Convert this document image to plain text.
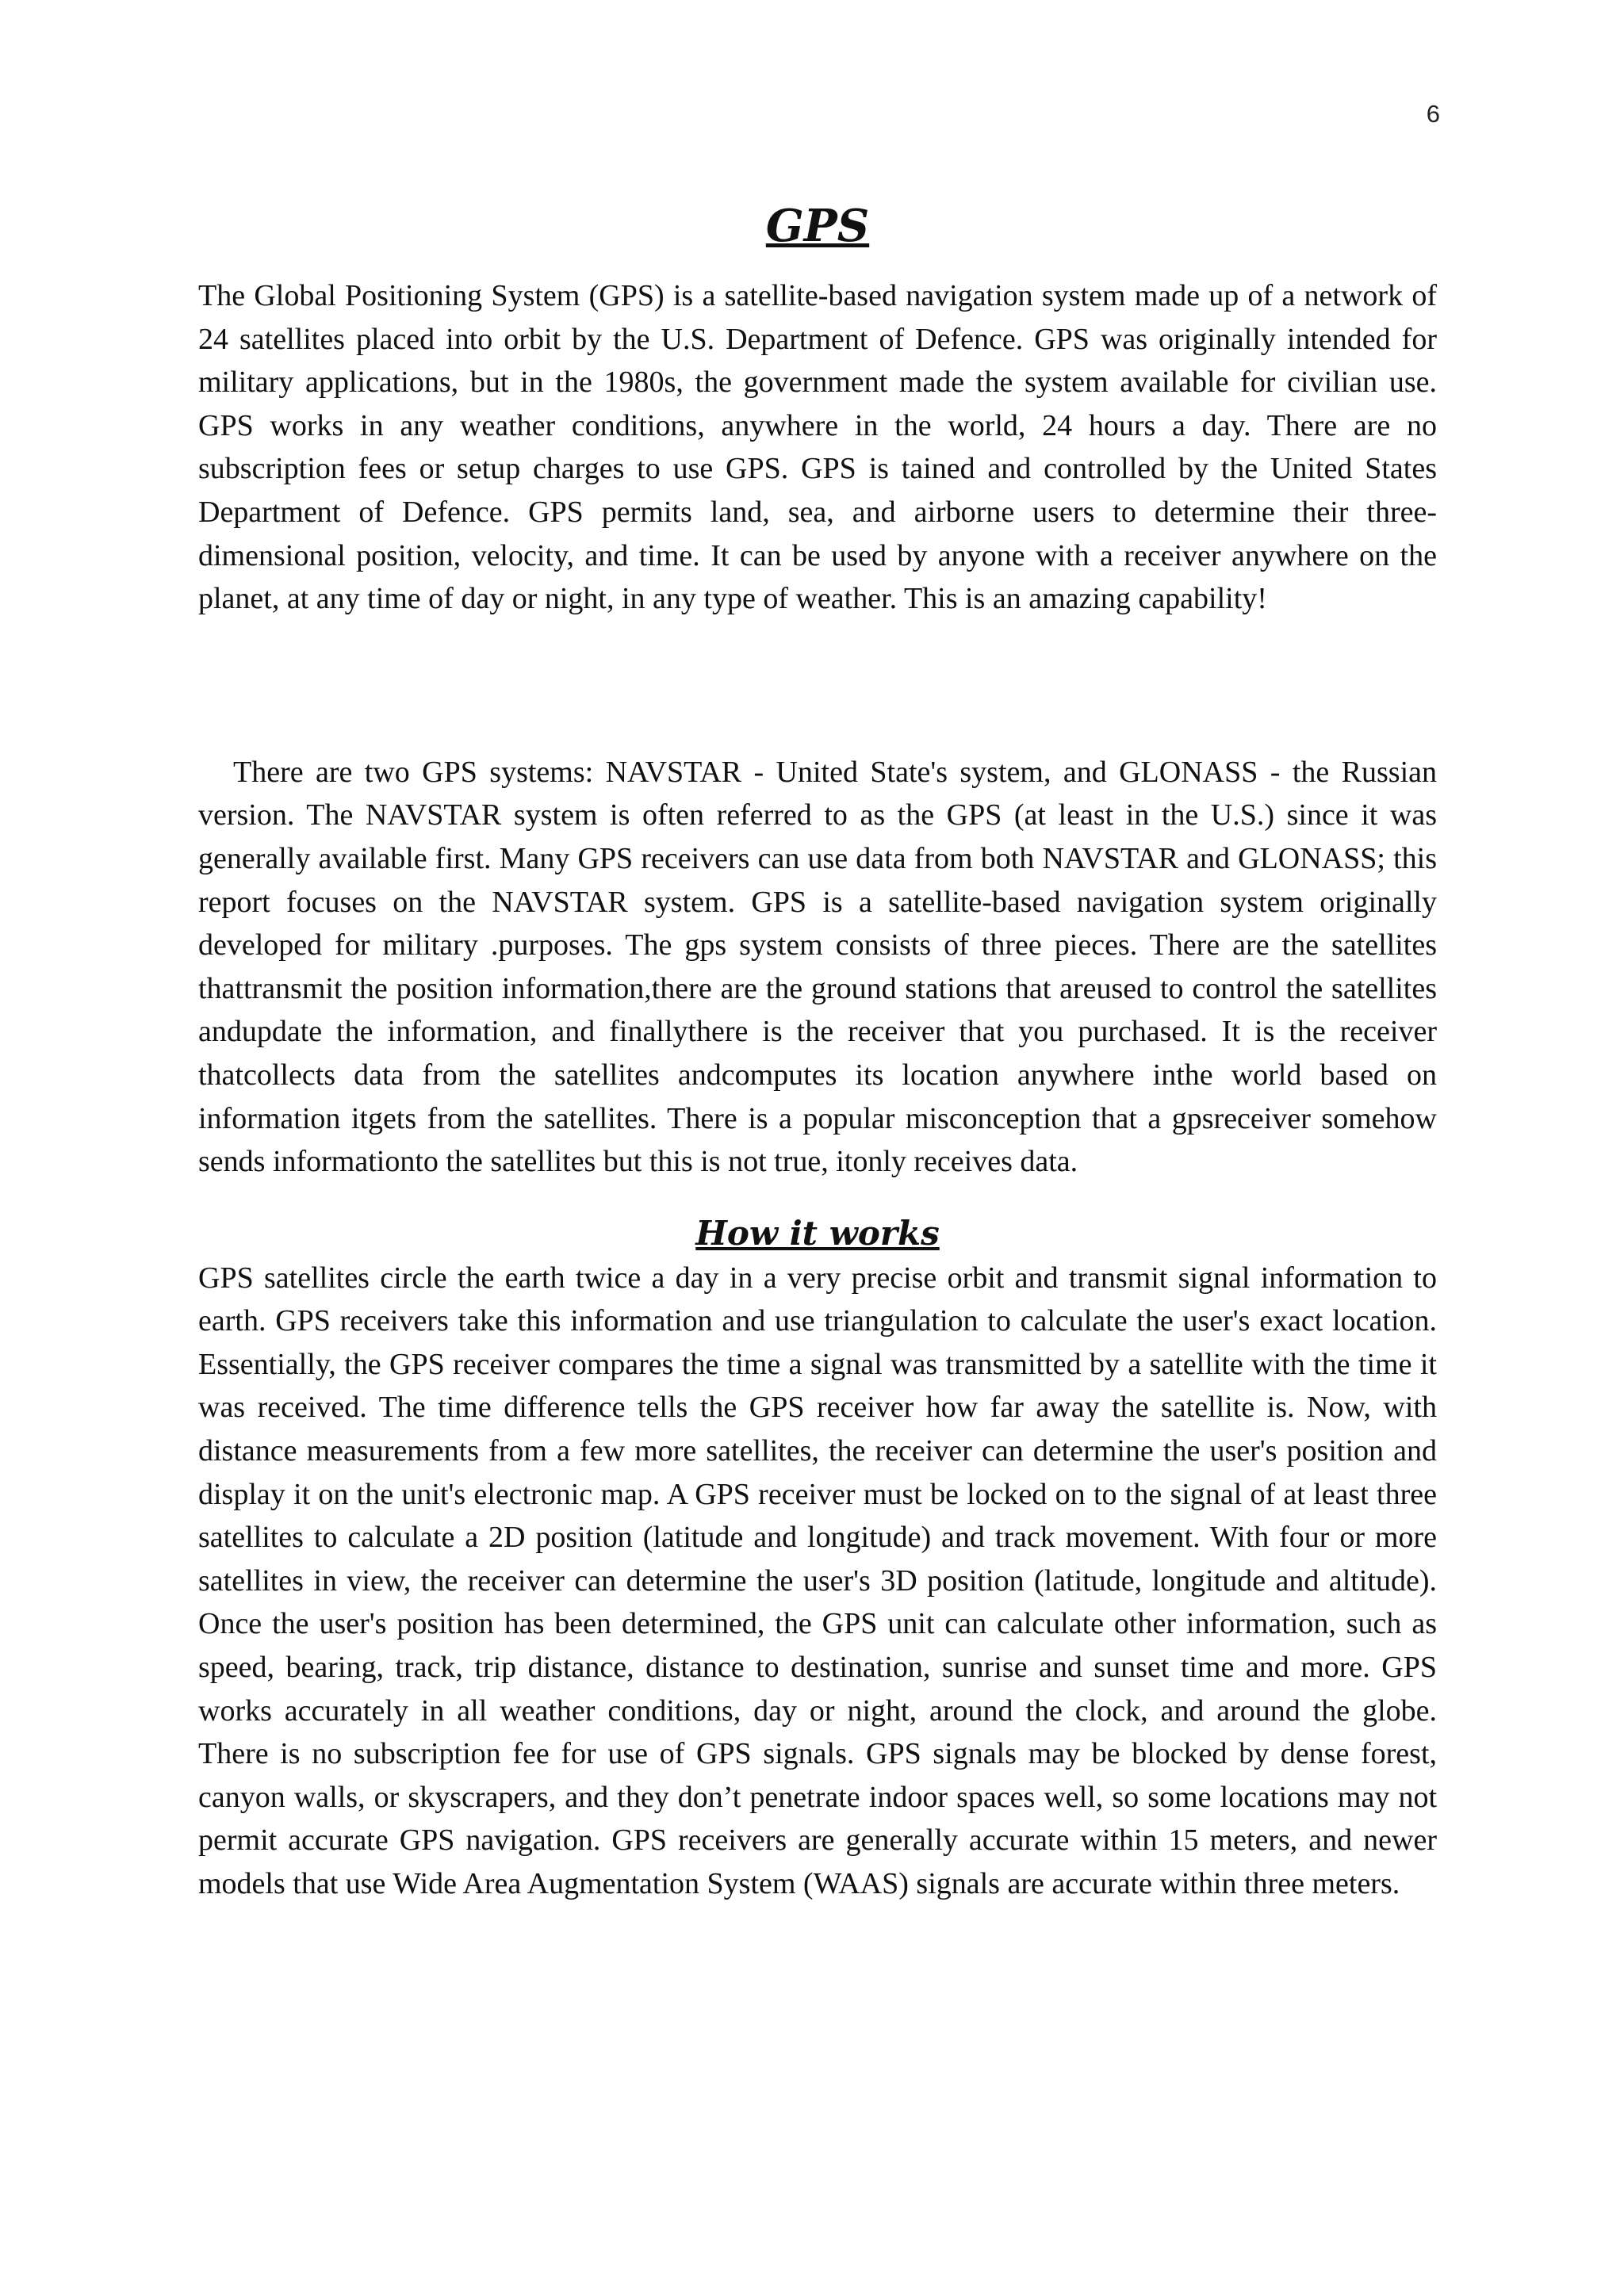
6
GPS

The Global Positioning System (GPS) is a satellite-based navigation system made up of a network of 24 satellites placed into orbit by the U.S. Department of Defence. GPS was originally intended for military applications, but in the 1980s, the government made the system available for civilian use. GPS works in any weather conditions, anywhere in the world, 24 hours a day. There are no subscription fees or setup charges to use GPS. GPS is tained and controlled by the United States Department of Defence. GPS permits land, sea, and airborne users to determine their three-dimensional position, velocity, and time. It can be used by anyone with a receiver anywhere on the planet, at any time of day or night, in any type of weather. This is an amazing capability!

There are two GPS systems: NAVSTAR - United State's system, and GLONASS - the Russian version. The NAVSTAR system is often referred to as the GPS (at least in the U.S.) since it was generally available first. Many GPS receivers can use data from both NAVSTAR and GLONASS; this report focuses on the NAVSTAR system. GPS is a satellite-based navigation system originally developed for military .purposes. The gps system consists of three pieces. There are the satellites thattransmit the position information,there are the ground stations that areused to control the satellites andupdate the information, and finallythere is the receiver that you purchased. It is the receiver thatcollects data from the satellites andcomputes its location anywhere inthe world based on information itgets from the satellites. There is a popular misconception that a gpsreceiver somehow sends informationto the satellites but this is not true, itonly receives data.

How it works

GPS satellites circle the earth twice a day in a very precise orbit and transmit signal information to earth. GPS receivers take this information and use triangulation to calculate the user's exact location. Essentially, the GPS receiver compares the time a signal was transmitted by a satellite with the time it was received. The time difference tells the GPS receiver how far away the satellite is. Now, with distance measurements from a few more satellites, the receiver can determine the user's position and display it on the unit's electronic map. A GPS receiver must be locked on to the signal of at least three satellites to calculate a 2D position (latitude and longitude) and track movement. With four or more satellites in view, the receiver can determine the user's 3D position (latitude, longitude and altitude). Once the user's position has been determined, the GPS unit can calculate other information, such as speed, bearing, track, trip distance, distance to destination, sunrise and sunset time and more. GPS works accurately in all weather conditions, day or night, around the clock, and around the globe. There is no subscription fee for use of GPS signals. GPS signals may be blocked by dense forest, canyon walls, or skyscrapers, and they don’t penetrate indoor spaces well, so some locations may not permit accurate GPS navigation. GPS receivers are generally accurate within 15 meters, and newer models that use Wide Area Augmentation System (WAAS) signals are accurate within three meters.
